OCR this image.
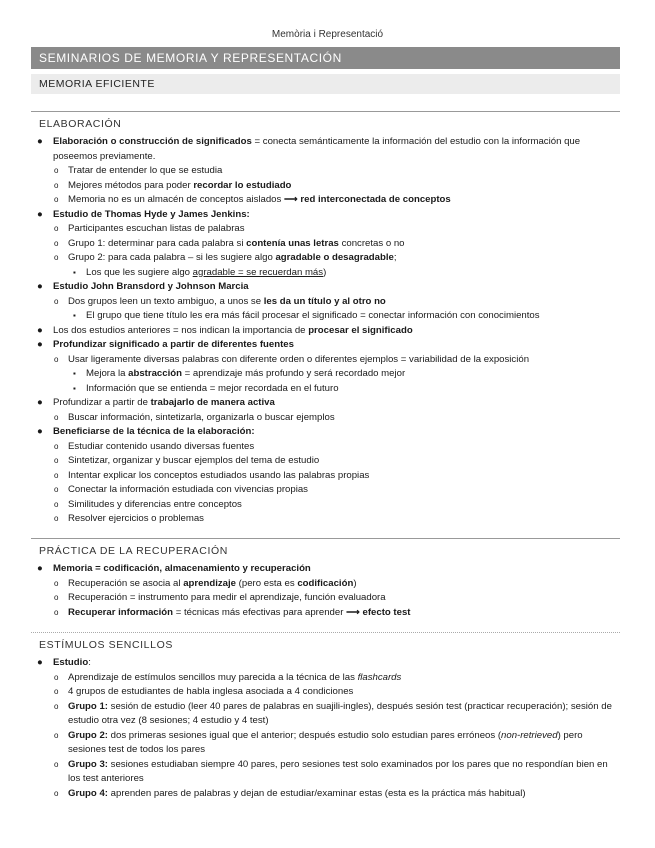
Memòria i Representació
SEMINARIOS DE MEMORIA Y REPRESENTACIÓN
MEMORIA EFICIENTE
ELABORACIÓN
● Elaboración o construcción de significados = conecta semánticamente la información del estudio con la información que poseemos previamente.
o Tratar de entender lo que se estudia
o Mejores métodos para poder recordar lo estudiado
o Memoria no es un almacén de conceptos aislados ⟶ red interconectada de conceptos
● Estudio de Thomas Hyde y James Jenkins:
o Participantes escuchan listas de palabras
o Grupo 1: determinar para cada palabra si contenía unas letras concretas o no
o Grupo 2: para cada palabra – si les sugiere algo agradable o desagradable;
▪ Los que les sugiere algo agradable = se recuerdan más)
● Estudio John Bransdord y Johnson Marcia
o Dos grupos leen un texto ambiguo, a unos se les da un título y al otro no
▪ El grupo que tiene título les era más fácil procesar el significado = conectar información con conocimientos
● Los dos estudios anteriores = nos indican la importancia de procesar el significado
● Profundizar significado a partir de diferentes fuentes
o Usar ligeramente diversas palabras con diferente orden o diferentes ejemplos = variabilidad de la exposición
▪ Mejora la abstracción = aprendizaje más profundo y será recordado mejor
▪ Información que se entienda = mejor recordada en el futuro
● Profundizar a partir de trabajarlo de manera activa
o Buscar información, sintetizarla, organizarla o buscar ejemplos
● Beneficiarse de la técnica de la elaboración:
o Estudiar contenido usando diversas fuentes
o Sintetizar, organizar y buscar ejemplos del tema de estudio
o Intentar explicar los conceptos estudiados usando las palabras propias
o Conectar la información estudiada con vivencias propias
o Similitudes y diferencias entre conceptos
o Resolver ejercicios o problemas
PRÁCTICA DE LA RECUPERACIÓN
● Memoria = codificación, almacenamiento y recuperación
o Recuperación se asocia al aprendizaje (pero esta es codificación)
o Recuperación = instrumento para medir el aprendizaje, función evaluadora
o Recuperar información = técnicas más efectivas para aprender ⟶ efecto test
ESTÍMULOS SENCILLOS
● Estudio:
o Aprendizaje de estímulos sencillos muy parecida a la técnica de las flashcards
o 4 grupos de estudiantes de habla inglesa asociada a 4 condiciones
o Grupo 1: sesión de estudio (leer 40 pares de palabras en suajili-ingles), después sesión test (practicar recuperación); sesión de estudio otra vez (8 sesiones; 4 estudio y 4 test)
o Grupo 2: dos primeras sesiones igual que el anterior; después estudio solo estudian pares erróneos (non-retrieved) pero sesiones test de todos los pares
o Grupo 3: sesiones estudiaban siempre 40 pares, pero sesiones test solo examinados por los pares que no respondían bien en los test anteriores
o Grupo 4: aprenden pares de palabras y dejan de estudiar/examinar estas (esta es la práctica más habitual)
